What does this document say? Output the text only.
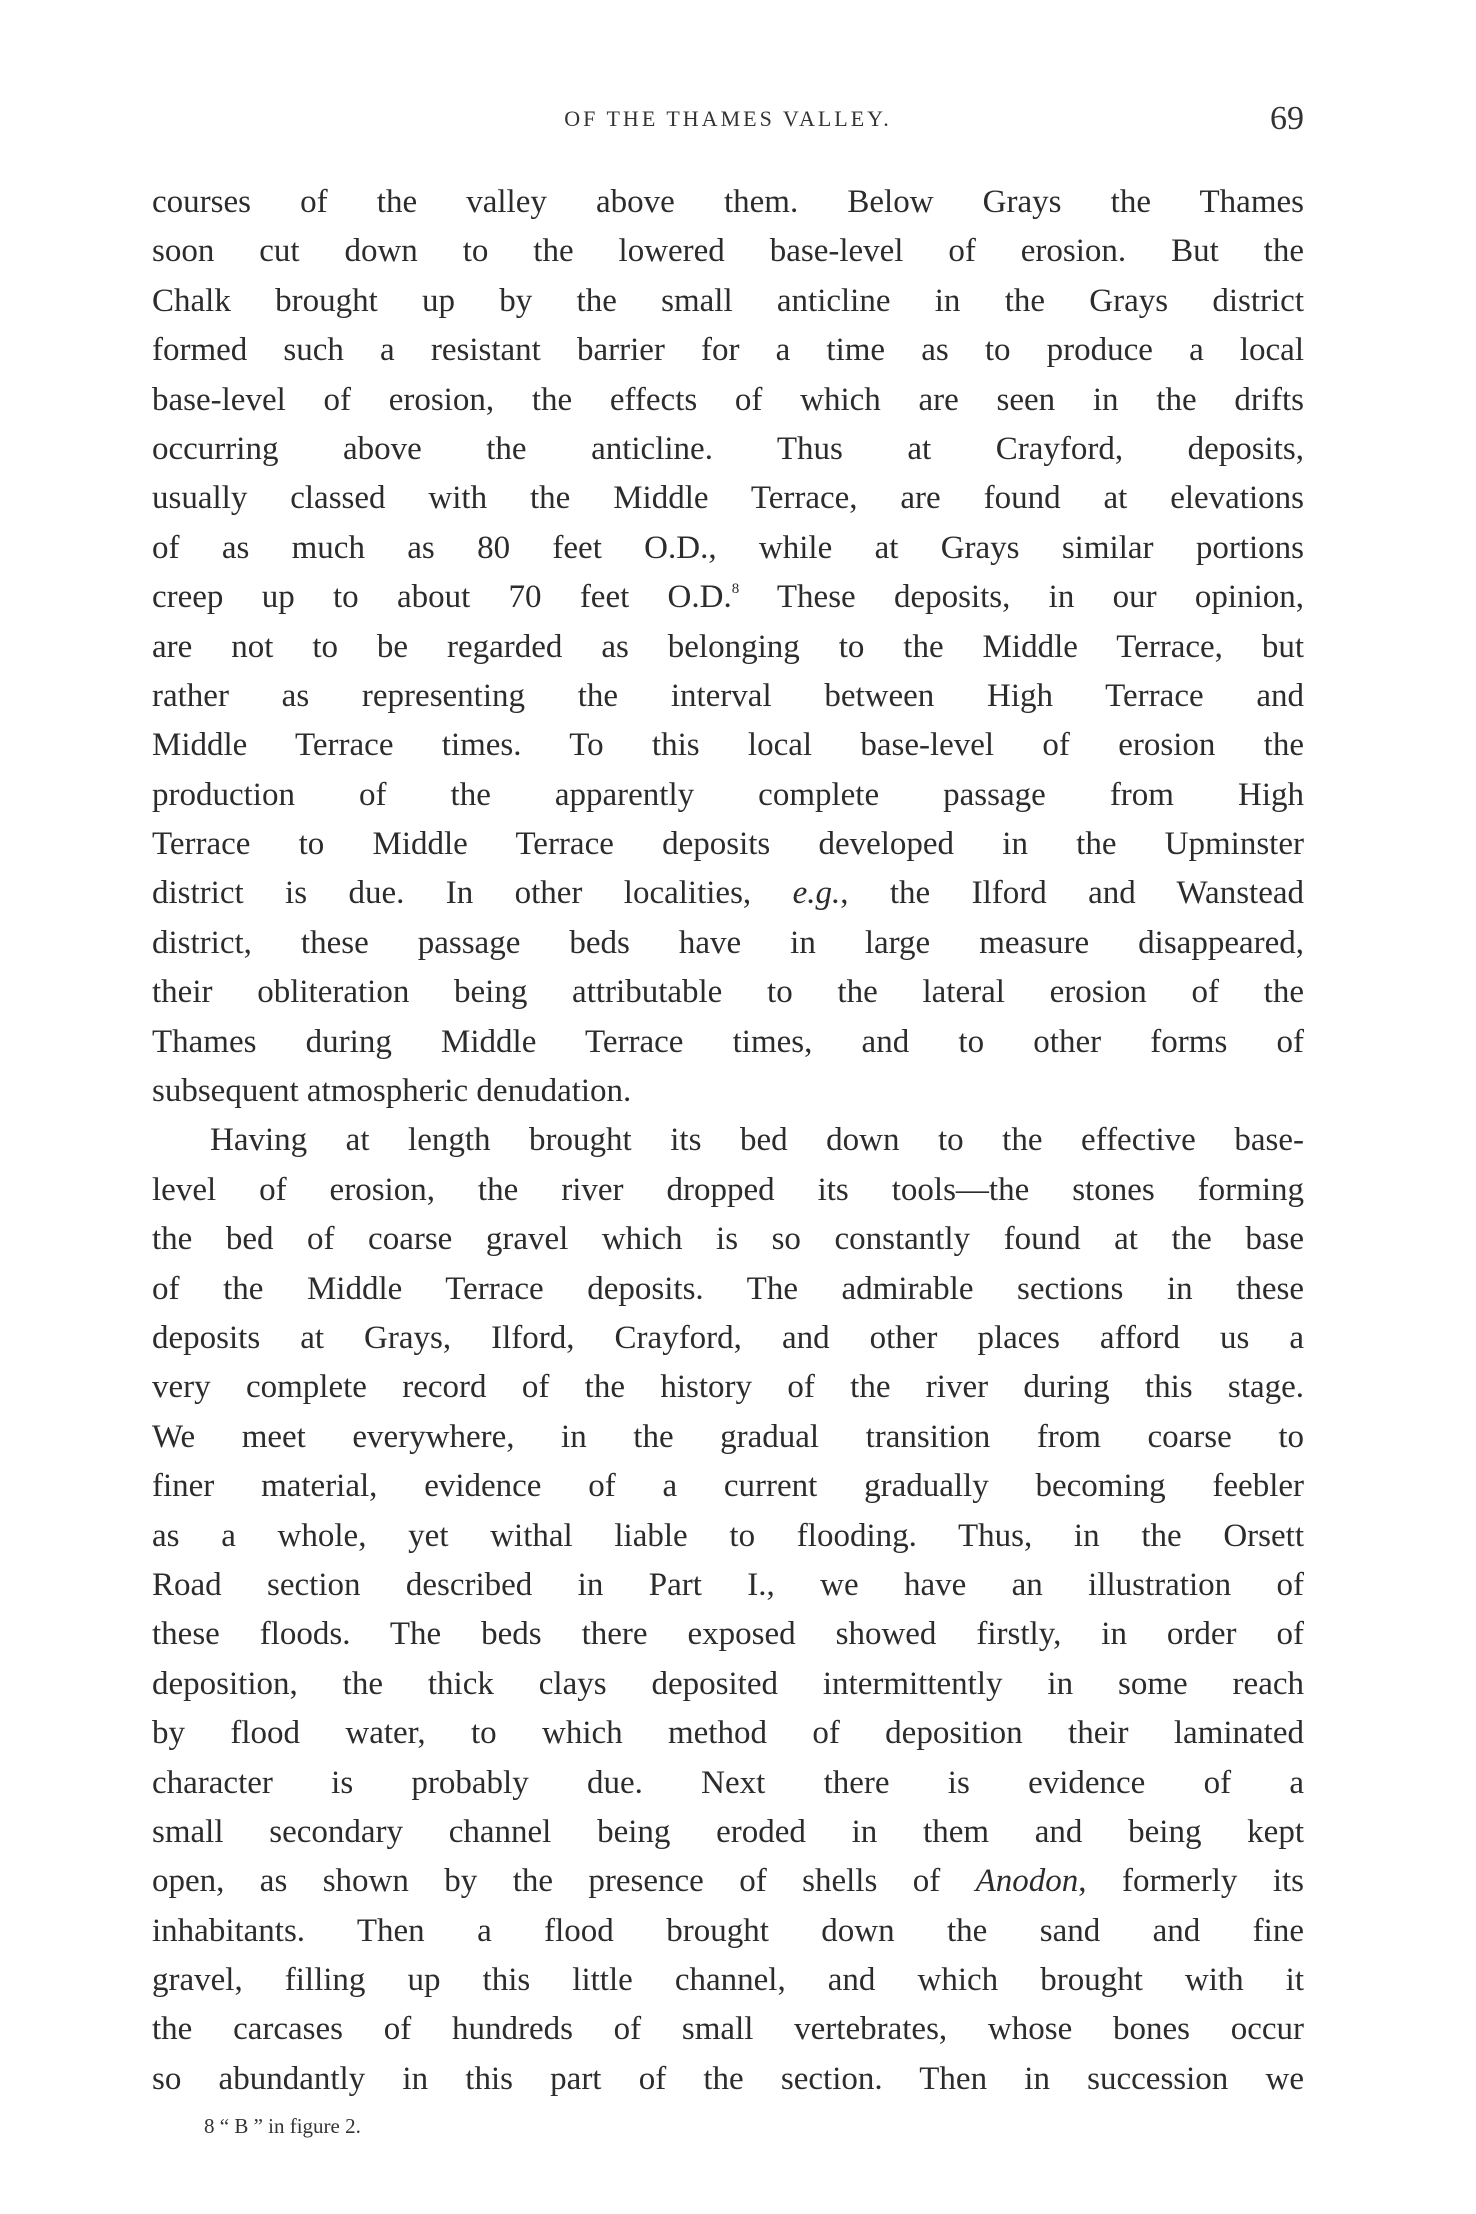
OF THE THAMES VALLEY.	69
courses of the valley above them. Below Grays the Thames
soon cut down to the lowered base-level of erosion. But the
Chalk brought up by the small anticline in the Grays district
formed such a resistant barrier for a time as to produce a local
base-level of erosion, the effects of which are seen in the drifts
occurring above the anticline. Thus at Crayford, deposits,
usually classed with the Middle Terrace, are found at elevations
of as much as 80 feet O.D., while at Grays similar portions
creep up to about 70 feet O.D.$^8$ These deposits, in our opinion,
are not to be regarded as belonging to the Middle Terrace, but
rather as representing the interval between High Terrace and
Middle Terrace times. To this local base-level of erosion the
production of the apparently complete passage from High
Terrace to Middle Terrace deposits developed in the Upminster
district is due. In other localities, e.g., the Ilford and Wanstead
district, these passage beds have in large measure disappeared,
their obliteration being attributable to the lateral erosion of the
Thames during Middle Terrace times, and to other forms of
subsequent atmospheric denudation.
Having at length brought its bed down to the effective base-
level of erosion, the river dropped its tools—the stones forming
the bed of coarse gravel which is so constantly found at the base
of the Middle Terrace deposits. The admirable sections in these
deposits at Grays, Ilford, Crayford, and other places afford us a
very complete record of the history of the river during this stage.
We meet everywhere, in the gradual transition from coarse to
finer material, evidence of a current gradually becoming feebler
as a whole, yet withal liable to flooding. Thus, in the Orsett
Road section described in Part I., we have an illustration of
these floods. The beds there exposed showed firstly, in order of
deposition, the thick clays deposited intermittently in some reach
by flood water, to which method of deposition their laminated
character is probably due. Next there is evidence of a
small secondary channel being eroded in them and being kept
open, as shown by the presence of shells of Anodon, formerly its
inhabitants. Then a flood brought down the sand and fine
gravel, filling up this little channel, and which brought with it
the carcases of hundreds of small vertebrates, whose bones occur
so abundantly in this part of the section. Then in succession we
8 “ B ” in figure 2.
